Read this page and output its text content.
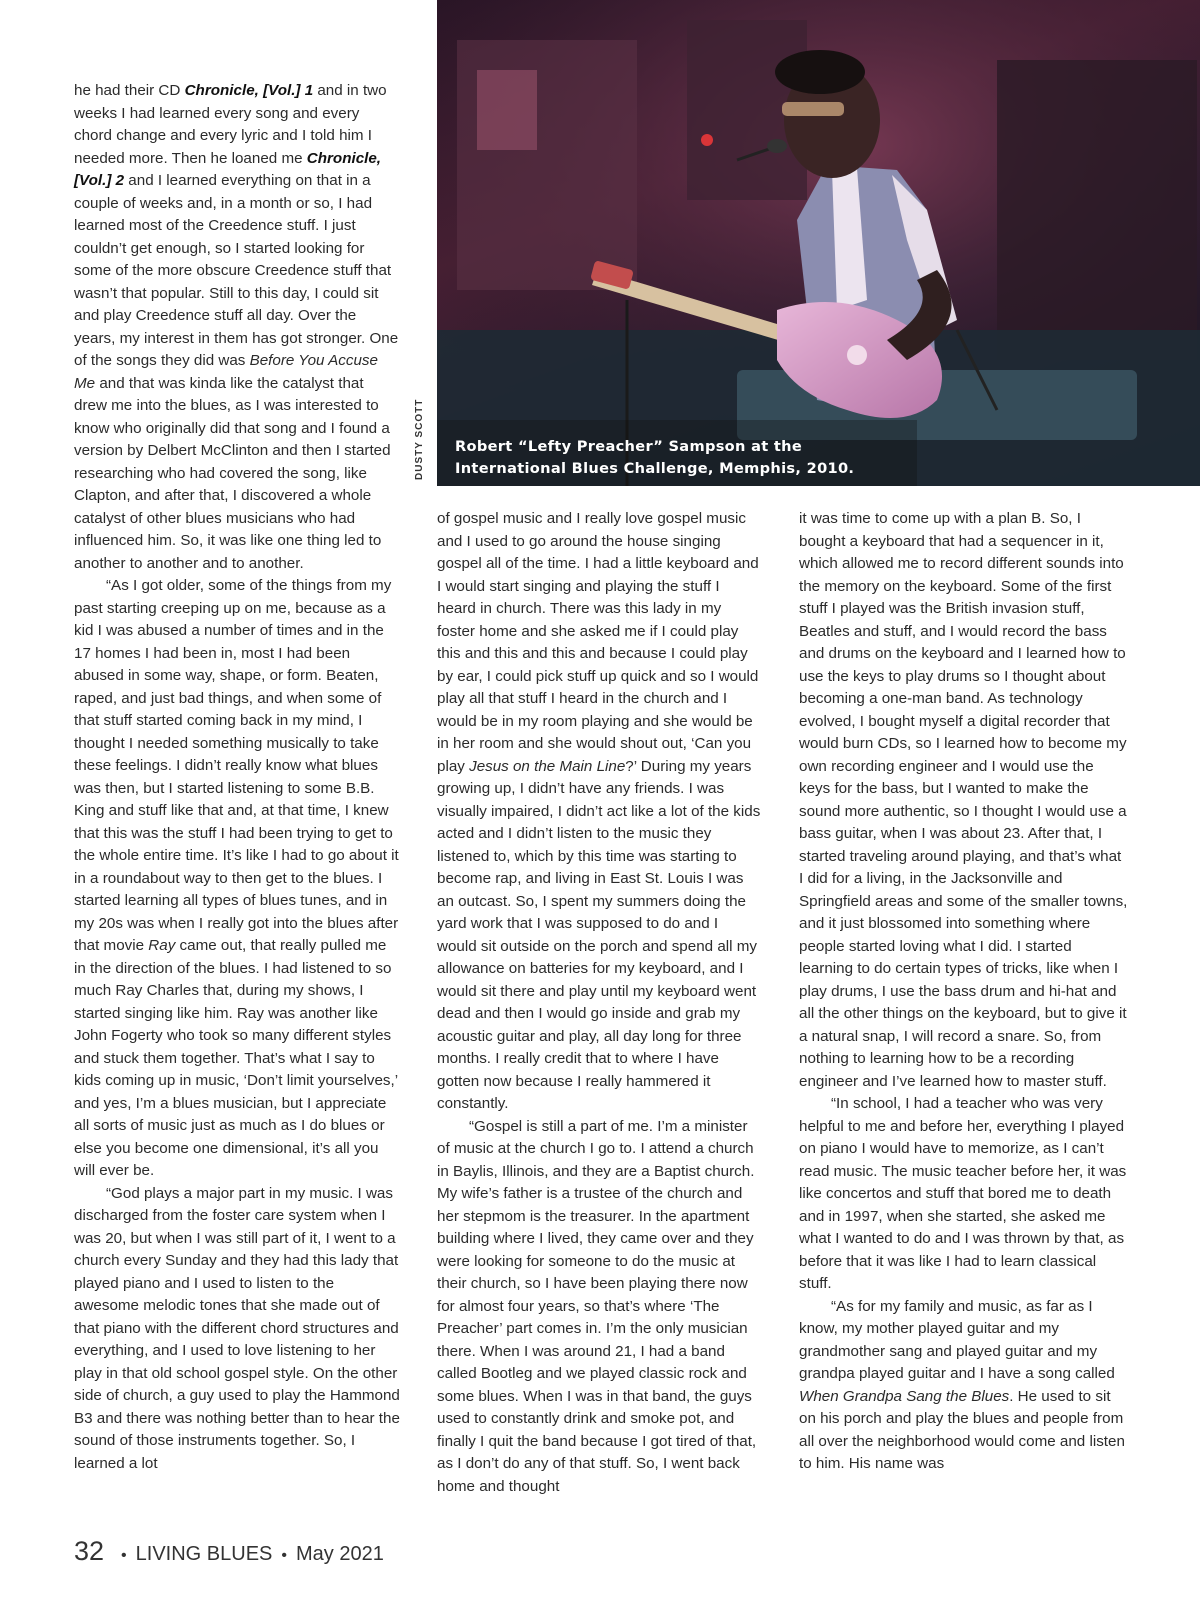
Robert “Lefty Preacher” Sampson at the
International Blues Challenge, Memphis, 2010.
DUSTY SCOTT

he had their CD Chronicle, [Vol.] 1 and in two weeks I had learned every song and every chord change and every lyric and I told him I needed more. Then he loaned me Chronicle, [Vol.] 2 and I learned everything on that in a couple of weeks and, in a month or so, I had learned most of the Creedence stuff. I just couldn’t get enough, so I started looking for some of the more obscure Creedence stuff that wasn’t that popular. Still to this day, I could sit and play Creedence stuff all day. Over the years, my interest in them has got stronger. One of the songs they did was Before You Accuse Me and that was kinda like the catalyst that drew me into the blues, as I was interested to know who originally did that song and I found a version by Delbert McClinton and then I started researching who had covered the song, like Clapton, and after that, I discovered a whole catalyst of other blues musicians who had influenced him. So, it was like one thing led to another to another and to another.

“As I got older, some of the things from my past starting creeping up on me, because as a kid I was abused a number of times and in the 17 homes I had been in, most I had been abused in some way, shape, or form. Beaten, raped, and just bad things, and when some of that stuff started coming back in my mind, I thought I needed something musically to take these feelings. I didn’t really know what blues was then, but I started listening to some B.B. King and stuff like that and, at that time, I knew that this was the stuff I had been trying to get to the whole entire time. It’s like I had to go about it in a roundabout way to then get to the blues. I started learning all types of blues tunes, and in my 20s was when I really got into the blues after that movie Ray came out, that really pulled me in the direction of the blues. I had listened to so much Ray Charles that, during my shows, I started singing like him. Ray was another like John Fogerty who took so many different styles and stuck them together. That’s what I say to kids coming up in music, ‘Don’t limit yourselves,’ and yes, I’m a blues musician, but I appreciate all sorts of music just as much as I do blues or else you become one dimensional, it’s all you will ever be.

“God plays a major part in my music. I was discharged from the foster care system when I was 20, but when I was still part of it, I went to a church every Sunday and they had this lady that played piano and I used to listen to the awesome melodic tones that she made out of that piano with the different chord structures and everything, and I used to love listening to her play in that old school gospel style. On the other side of church, a guy used to play the Hammond B3 and there was nothing better than to hear the sound of those instruments together. So, I learned a lot

of gospel music and I really love gospel music and I used to go around the house singing gospel all of the time. I had a little keyboard and I would start singing and playing the stuff I heard in church. There was this lady in my foster home and she asked me if I could play this and this and this and because I could play by ear, I could pick stuff up quick and so I would play all that stuff I heard in the church and I would be in my room playing and she would be in her room and she would shout out, ‘Can you play Jesus on the Main Line?’ During my years growing up, I didn’t have any friends. I was visually impaired, I didn’t act like a lot of the kids acted and I didn’t listen to the music they listened to, which by this time was starting to become rap, and living in East St. Louis I was an outcast. So, I spent my summers doing the yard work that I was supposed to do and I would sit outside on the porch and spend all my allowance on batteries for my keyboard, and I would sit there and play until my keyboard went dead and then I would go inside and grab my acoustic guitar and play, all day long for three months. I really credit that to where I have gotten now because I really hammered it constantly.

“Gospel is still a part of me. I’m a minister of music at the church I go to. I attend a church in Baylis, Illinois, and they are a Baptist church. My wife’s father is a trustee of the church and her stepmom is the treasurer. In the apartment building where I lived, they came over and they were looking for someone to do the music at their church, so I have been playing there now for almost four years, so that’s where ‘The Preacher’ part comes in. I’m the only musician there. When I was around 21, I had a band called Bootleg and we played classic rock and some blues. When I was in that band, the guys used to constantly drink and smoke pot, and finally I quit the band because I got tired of that, as I don’t do any of that stuff. So, I went back home and thought

it was time to come up with a plan B. So, I bought a keyboard that had a sequencer in it, which allowed me to record different sounds into the memory on the keyboard. Some of the first stuff I played was the British invasion stuff, Beatles and stuff, and I would record the bass and drums on the keyboard and I learned how to use the keys to play drums so I thought about becoming a one-man band. As technology evolved, I bought myself a digital recorder that would burn CDs, so I learned how to become my own recording engineer and I would use the keys for the bass, but I wanted to make the sound more authentic, so I thought I would use a bass guitar, when I was about 23. After that, I started traveling around playing, and that’s what I did for a living, in the Jacksonville and Springfield areas and some of the smaller towns, and it just blossomed into something where people started loving what I did. I started learning to do certain types of tricks, like when I play drums, I use the bass drum and hi-hat and all the other things on the keyboard, but to give it a natural snap, I will record a snare. So, from nothing to learning how to be a recording engineer and I’ve learned how to master stuff.

“In school, I had a teacher who was very helpful to me and before her, everything I played on piano I would have to memorize, as I can’t read music. The music teacher before her, it was like concertos and stuff that bored me to death and in 1997, when she started, she asked me what I wanted to do and I was thrown by that, as before that it was like I had to learn classical stuff.

“As for my family and music, as far as I know, my mother played guitar and my grandmother sang and played guitar and my grandpa played guitar and I have a song called When Grandpa Sang the Blues. He used to sit on his porch and play the blues and people from all over the neighborhood would come and listen to him. His name was

32 • LIVING BLUES • May 2021
